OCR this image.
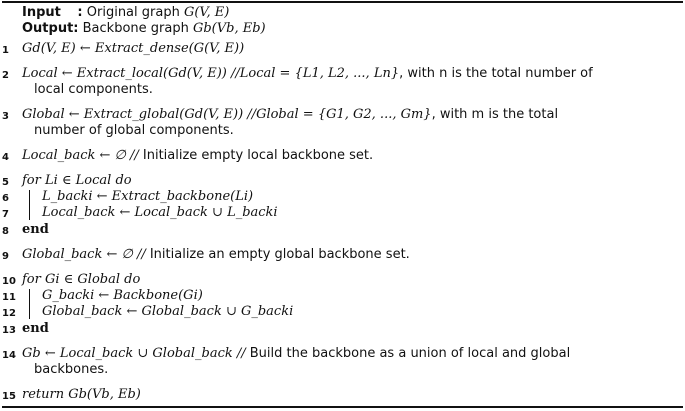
Input : Original graph G(V, E)
Output: Backbone graph Gb(Vb, Eb)
1	Gd(V, E) ← Extract_dense(G(V, E))
2	Local ← Extract_local(Gd(V, E)) //Local = {L1, L2, ..., Ln}, with n is the total number of
local components.
3	Global ← Extract_global(Gd(V, E)) //Global = {G1, G2, ..., Gm}, with m is the total
number of global components.
4	Local_back ← ∅ // Initialize empty local backbone set.
5	for Li ∈ Local do
6	L_backi ← Extract_backbone(Li)
7	Local_back ← Local_back ∪ L_backi
8	end
9	Global_back ← ∅ // Initialize an empty global backbone set.
10 for Gi ∈ Global do
11 G_backi ← Backbone(Gi)
12 Global_back ← Global_back ∪ G_backi
13 end
14 Gb ← Local_back ∪ Global_back // Build the backbone as a union of local and global
backbones.
15 return Gb(Vb, Eb)
